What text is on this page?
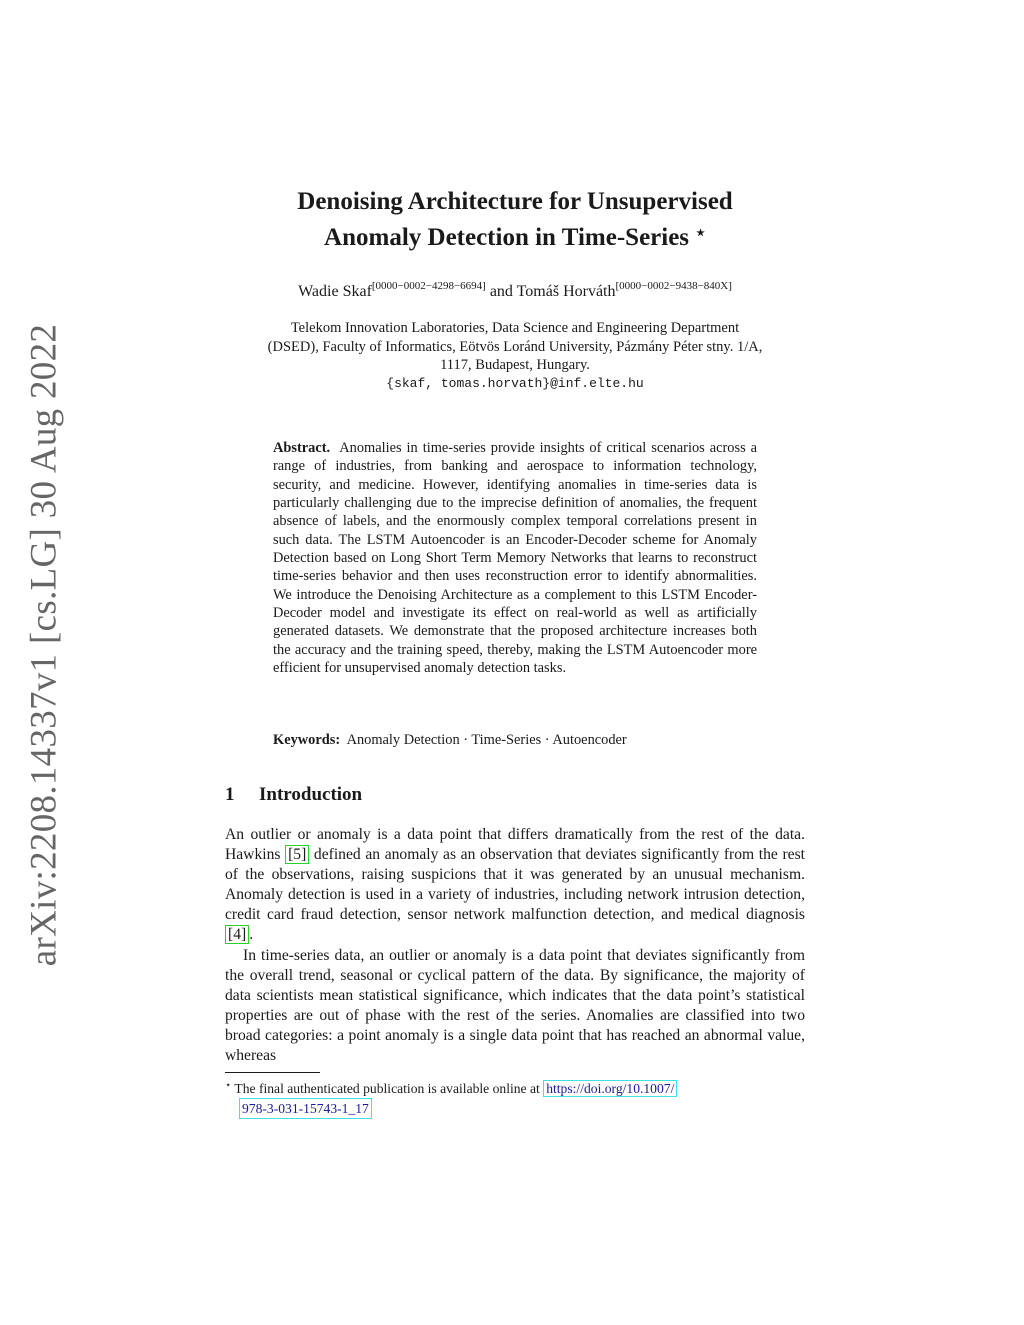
arXiv:2208.14337v1 [cs.LG] 30 Aug 2022
Denoising Architecture for Unsupervised
Anomaly Detection in Time-Series ⋆
Wadie Skaf[0000−0002−4298−6694] and Tomáš Horváth[0000−0002−9438−840X]
Telekom Innovation Laboratories, Data Science and Engineering Department
(DSED), Faculty of Informatics, Eötvös Loránd University, Pázmány Péter stny. 1/A,
1117, Budapest, Hungary.
{skaf, tomas.horvath}@inf.elte.hu
Abstract. Anomalies in time-series provide insights of critical scenarios across a range of industries, from banking and aerospace to information technology, security, and medicine. However, identifying anomalies in time-series data is particularly challenging due to the imprecise definition of anomalies, the frequent absence of labels, and the enormously complex temporal correlations present in such data. The LSTM Autoencoder is an Encoder-Decoder scheme for Anomaly Detection based on Long Short Term Memory Networks that learns to reconstruct time-series behavior and then uses reconstruction error to identify abnormalities. We introduce the Denoising Architecture as a complement to this LSTM Encoder-Decoder model and investigate its effect on real-world as well as artificially generated datasets. We demonstrate that the proposed architecture increases both the accuracy and the training speed, thereby, making the LSTM Autoencoder more efficient for unsupervised anomaly detection tasks.
Keywords: Anomaly Detection · Time-Series · Autoencoder
1 Introduction

An outlier or anomaly is a data point that differs dramatically from the rest of the data. Hawkins [5] defined an anomaly as an observation that deviates significantly from the rest of the observations, raising suspicions that it was generated by an unusual mechanism. Anomaly detection is used in a variety of industries, including network intrusion detection, credit card fraud detection, sensor network malfunction detection, and medical diagnosis [4] .

In time-series data, an outlier or anomaly is a data point that deviates significantly from the overall trend, seasonal or cyclical pattern of the data. By significance, the majority of data scientists mean statistical significance, which indicates that the data point’s statistical properties are out of phase with the rest of the series. Anomalies are classified into two broad categories: a point anomaly is a single data point that has reached an abnormal value, whereas

⋆ The final authenticated publication is available online at https://doi.org/10.1007/
978-3-031-15743-1_17
